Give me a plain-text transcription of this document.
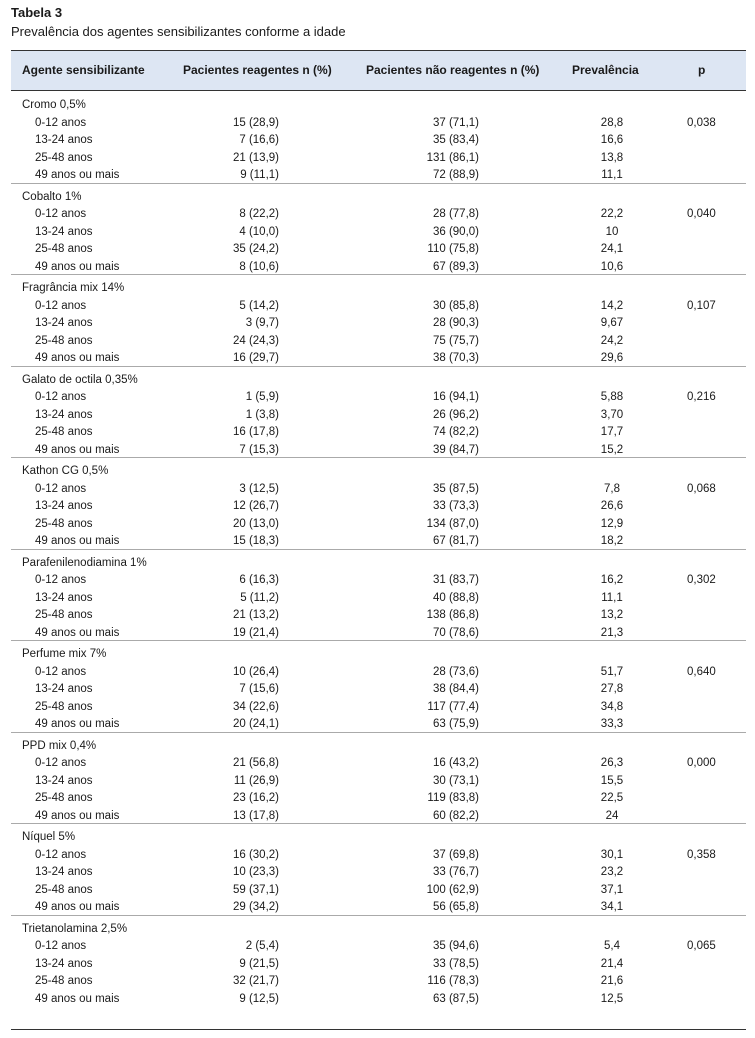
Tabela 3
Prevalência dos agentes sensibilizantes conforme a idade
Agente sensibilizante	Pacientes reagentes n (%)	Pacientes não reagentes n (%)	Prevalência	p
Cromo 0,5%
0-12 anos	15 (28,9)	37 (71,1)	28,8	0,038
13-24 anos	7 (16,6)	35 (83,4)	16,6
25-48 anos	21 (13,9)	131 (86,1)	13,8
49 anos ou mais	9 (11,1)	72 (88,9)	11,1
Cobalto 1%
0-12 anos	8 (22,2)	28 (77,8)	22,2	0,040
13-24 anos	4 (10,0)	36 (90,0)	10
25-48 anos	35 (24,2)	110 (75,8)	24,1
49 anos ou mais	8 (10,6)	67 (89,3)	10,6
Fragrância mix 14%
0-12 anos	5 (14,2)	30 (85,8)	14,2	0,107
13-24 anos	3 (9,7)	28 (90,3)	9,67
25-48 anos	24 (24,3)	75 (75,7)	24,2
49 anos ou mais	16 (29,7)	38 (70,3)	29,6
Galato de octila 0,35%
0-12 anos	1 (5,9)	16 (94,1)	5,88	0,216
13-24 anos	1 (3,8)	26 (96,2)	3,70
25-48 anos	16 (17,8)	74 (82,2)	17,7
49 anos ou mais	7 (15,3)	39 (84,7)	15,2
Kathon CG 0,5%
0-12 anos	3 (12,5)	35 (87,5)	7,8	0,068
13-24 anos	12 (26,7)	33 (73,3)	26,6
25-48 anos	20 (13,0)	134 (87,0)	12,9
49 anos ou mais	15 (18,3)	67 (81,7)	18,2
Parafenilenodiamina 1%
0-12 anos	6 (16,3)	31 (83,7)	16,2	0,302
13-24 anos	5 (11,2)	40 (88,8)	11,1
25-48 anos	21 (13,2)	138 (86,8)	13,2
49 anos ou mais	19 (21,4)	70 (78,6)	21,3
Perfume mix 7%
0-12 anos	10 (26,4)	28 (73,6)	51,7	0,640
13-24 anos	7 (15,6)	38 (84,4)	27,8
25-48 anos	34 (22,6)	117 (77,4)	34,8
49 anos ou mais	20 (24,1)	63 (75,9)	33,3
PPD mix 0,4%
0-12 anos	21 (56,8)	16 (43,2)	26,3	0,000
13-24 anos	11 (26,9)	30 (73,1)	15,5
25-48 anos	23 (16,2)	119 (83,8)	22,5
49 anos ou mais	13 (17,8)	60 (82,2)	24
Níquel 5%
0-12 anos	16 (30,2)	37 (69,8)	30,1	0,358
13-24 anos	10 (23,3)	33 (76,7)	23,2
25-48 anos	59 (37,1)	100 (62,9)	37,1
49 anos ou mais	29 (34,2)	56 (65,8)	34,1
Trietanolamina 2,5%
0-12 anos	2 (5,4)	35 (94,6)	5,4	0,065
13-24 anos	9 (21,5)	33 (78,5)	21,4
25-48 anos	32 (21,7)	116 (78,3)	21,6
49 anos ou mais	9 (12,5)	63 (87,5)	12,5
